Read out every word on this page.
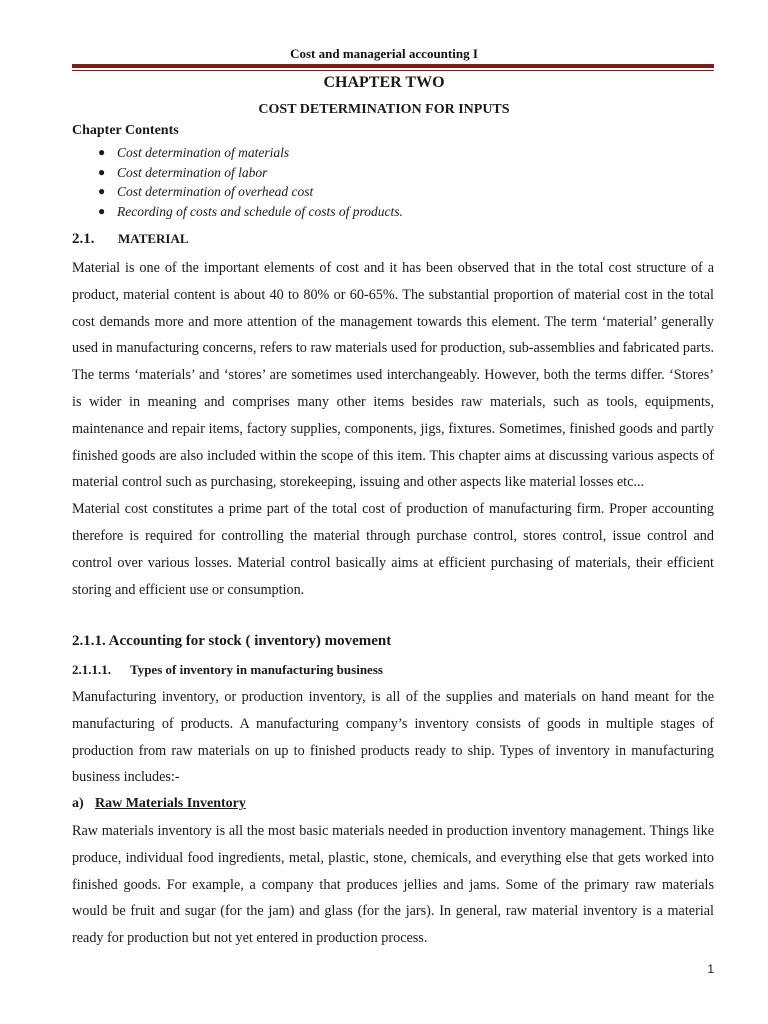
Cost and managerial accounting I
CHAPTER TWO
COST DETERMINATION FOR INPUTS
Chapter Contents
● Cost determination of materials
● Cost determination of labor
● Cost determination of overhead cost
● Recording of costs and schedule of costs of products.
2.1. MATERIAL

Material is one of the important elements of cost and it has been observed that in the total cost structure of a product, material content is about 40 to 80% or 60-65%. The substantial proportion of material cost in the total cost demands more and more attention of the management towards this element. The term ‘material’ generally used in manufacturing concerns, refers to raw materials used for production, sub-assemblies and fabricated parts. The terms ‘materials’ and ‘stores’ are sometimes used interchangeably. However, both the terms differ. ‘Stores’ is wider in meaning and comprises many other items besides raw materials, such as tools, equipments, maintenance and repair items, factory supplies, components, jigs, fixtures. Sometimes, finished goods and partly finished goods are also included within the scope of this item. This chapter aims at discussing various aspects of material control such as purchasing, storekeeping, issuing and other aspects like material losses etc...

Material cost constitutes a prime part of the total cost of production of manufacturing firm. Proper accounting therefore is required for controlling the material through purchase control, stores control, issue control and control over various losses. Material control basically aims at efficient purchasing of materials, their efficient storing and efficient use or consumption.

2.1.1. Accounting for stock ( inventory) movement
2.1.1.1. Types of inventory in manufacturing business

Manufacturing inventory, or production inventory, is all of the supplies and materials on hand meant for the manufacturing of products. A manufacturing company’s inventory consists of goods in multiple stages of production from raw materials on up to finished products ready to ship. Types of inventory in manufacturing business includes:-

a) Raw Materials Inventory

Raw materials inventory is all the most basic materials needed in production inventory management. Things like produce, individual food ingredients, metal, plastic, stone, chemicals, and everything else that gets worked into finished goods. For example, a company that produces jellies and jams. Some of the primary raw materials would be fruit and sugar (for the jam) and glass (for the jars). In general, raw material inventory is a material ready for production but not yet entered in production process.

1
